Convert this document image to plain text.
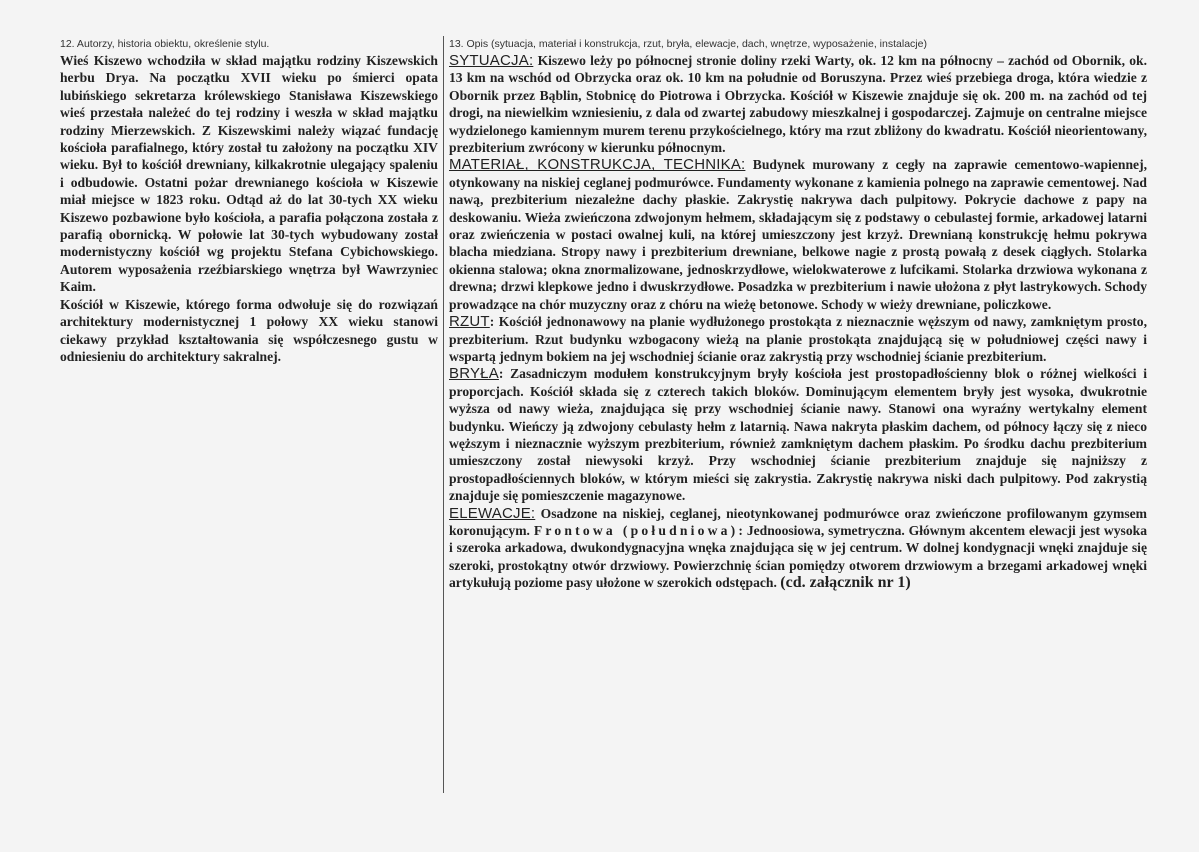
12. Autorzy, historia obiektu, określenie stylu.

Wieś Kiszewo wchodziła w skład majątku rodziny Kiszewskich herbu Drya. Na początku XVII wieku po śmierci opata lubińskiego sekretarza królewskiego Stanisława Kiszewskiego wieś przestała należeć do tej rodziny i weszła w skład majątku rodziny Mierzewskich. Z Kiszewskimi należy wiązać fundację kościoła parafialnego, który został tu założony na początku XIV wieku. Był to kościół drewniany, kilkakrotnie ulegający spaleniu i odbudowie. Ostatni pożar drewnianego kościoła w Kiszewie miał miejsce w 1823 roku. Odtąd aż do lat 30-tych XX wieku Kiszewo pozbawione było kościoła, a parafia połączona została z parafią obornicką. W połowie lat 30-tych wybudowany został modernistyczny kościół wg projektu Stefana Cybichowskiego. Autorem wyposażenia rzeźbiarskiego wnętrza był Wawrzyniec Kaim.

Kościół w Kiszewie, którego forma odwołuje się do rozwiązań architektury modernistycznej 1 połowy XX wieku stanowi ciekawy przykład kształtowania się współczesnego gustu w odniesieniu do architektury sakralnej.

13. Opis (sytuacja, materiał i konstrukcja, rzut, bryła, elewacje, dach, wnętrze, wyposażenie, instalacje)

SYTUACJA: Kiszewo leży po północnej stronie doliny rzeki Warty, ok. 12 km na północny – zachód od Obornik, ok. 13 km na wschód od Obrzycka oraz ok. 10 km na południe od Boruszyna. Przez wieś przebiega droga, która wiedzie z Obornik przez Bąblin, Stobnicę do Piotrowa i Obrzycka. Kościół w Kiszewie znajduje się ok. 200 m. na zachód od tej drogi, na niewielkim wzniesieniu, z dala od zwartej zabudowy mieszkalnej i gospodarczej. Zajmuje on centralne miejsce wydzielonego kamiennym murem terenu przykościelnego, który ma rzut zbliżony do kwadratu. Kościół nieorientowany, prezbiterium zwrócony w kierunku północnym.

MATERIAŁ, KONSTRUKCJA, TECHNIKA: Budynek murowany z cegły na zaprawie cementowo-wapiennej, otynkowany na niskiej ceglanej podmurówce. Fundamenty wykonane z kamienia polnego na zaprawie cementowej. Nad nawą, prezbiterium niezależne dachy płaskie. Zakrystię nakrywa dach pulpitowy. Pokrycie dachowe z papy na deskowaniu. Wieża zwieńczona zdwojonym hełmem, składającym się z podstawy o cebulastej formie, arkadowej latarni oraz zwieńczenia w postaci owalnej kuli, na której umieszczony jest krzyż. Drewnianą konstrukcję hełmu pokrywa blacha miedziana. Stropy nawy i prezbiterium drewniane, belkowe nagie z prostą powałą z desek ciągłych. Stolarka okienna stalowa; okna znormalizowane, jednoskrzydłowe, wielokwaterowe z lufcikami. Stolarka drzwiowa wykonana z drewna; drzwi klepkowe jedno i dwuskrzydłowe. Posadzka w prezbiterium i nawie ułożona z płyt lastrykowych. Schody prowadzące na chór muzyczny oraz z chóru na wieżę betonowe. Schody w wieży drewniane, policzkowe.

RZUT: Kościół jednonawowy na planie wydłużonego prostokąta z nieznacznie węższym od nawy, zamkniętym prosto, prezbiterium. Rzut budynku wzbogacony wieżą na planie prostokąta znajdującą się w południowej części nawy i wspartą jednym bokiem na jej wschodniej ścianie oraz zakrystią przy wschodniej ścianie prezbiterium.

BRYŁA: Zasadniczym modułem konstrukcyjnym bryły kościoła jest prostopadłościenny blok o różnej wielkości i proporcjach. Kościół składa się z czterech takich bloków. Dominującym elementem bryły jest wysoka, dwukrotnie wyższa od nawy wieża, znajdująca się przy wschodniej ścianie nawy. Stanowi ona wyraźny wertykalny element budynku. Wieńczy ją zdwojony cebulasty hełm z latarnią. Nawa nakryta płaskim dachem, od północy łączy się z nieco węższym i nieznacznie wyższym prezbiterium, również zamkniętym dachem płaskim. Po środku dachu prezbiterium umieszczony został niewysoki krzyż. Przy wschodniej ścianie prezbiterium znajduje się najniższy z prostopadłościennych bloków, w którym mieści się zakrystia. Zakrystię nakrywa niski dach pulpitowy. Pod zakrystią znajduje się pomieszczenie magazynowe.

ELEWACJE: Osadzone na niskiej, ceglanej, nieotynkowanej podmurówce oraz zwieńczone profilowanym gzymsem koronującym. Frontowa (południowa): Jednoosiowa, symetryczna. Głównym akcentem elewacji jest wysoka i szeroka arkadowa, dwukondygnacyjna wnęka znajdująca się w jej centrum. W dolnej kondygnacji wnęki znajduje się szeroki, prostokątny otwór drzwiowy. Powierzchnię ścian pomiędzy otworem drzwiowym a brzegami arkadowej wnęki artykułują poziome pasy ułożone w szerokich odstępach. (cd. załącznik nr 1)
